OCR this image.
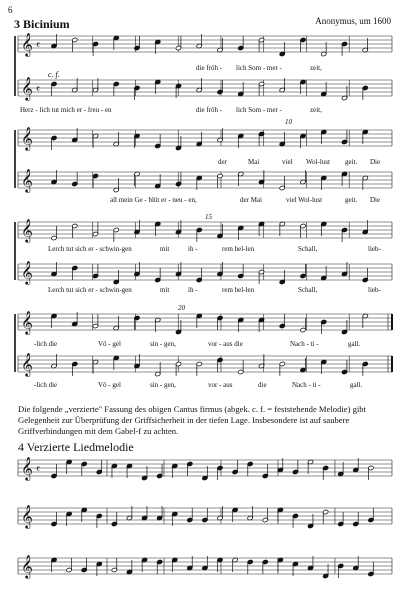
6
3 Bicinium	Anonymus, um 1600
𝄞 𝄴
𝄞 𝄴
𝄞
𝄞
𝄞
𝄞
𝄞
𝄞
𝄞 𝄴
𝄞
𝄞
c. f.
die fröh - lich Som - mer -	zeit,
Herz - lich tut mich er - freu - en	die fröh - lich Som - mer -	zeit,
10
der	Mai	viel Wol-lust geit. Die
all mein Ge - blüt er - neu - en,	der Mai	viel Wol-lust	geit. Die
15
Lerch tut sich er - schwin-gen	mit	ih -	rem hel-len	Schall,	lieb-
Lerch tut sich er - schwin-gen	mit	ih -	rem hel-len	Schall,	lieb-
20
-lich die	Vö - gel	sin - gen,	vor - aus die	Nach - ti -	gall.
-lich die	Vö - gel	sin - gen,	vor - aus	die	Nach - ti -	gall.
Die folgende „verzierte" Fassung des obigen Cantus firmus (abgek. c. f. = feststehende Melodie) gibt Gelegenheit zur Überprüfung der Griffsicherheit in der tiefen Lage. Insbesondere ist auf saubere Griffverbindungen mit dem Gabel-f zu achten.
4 Verzierte Liedmelodie
